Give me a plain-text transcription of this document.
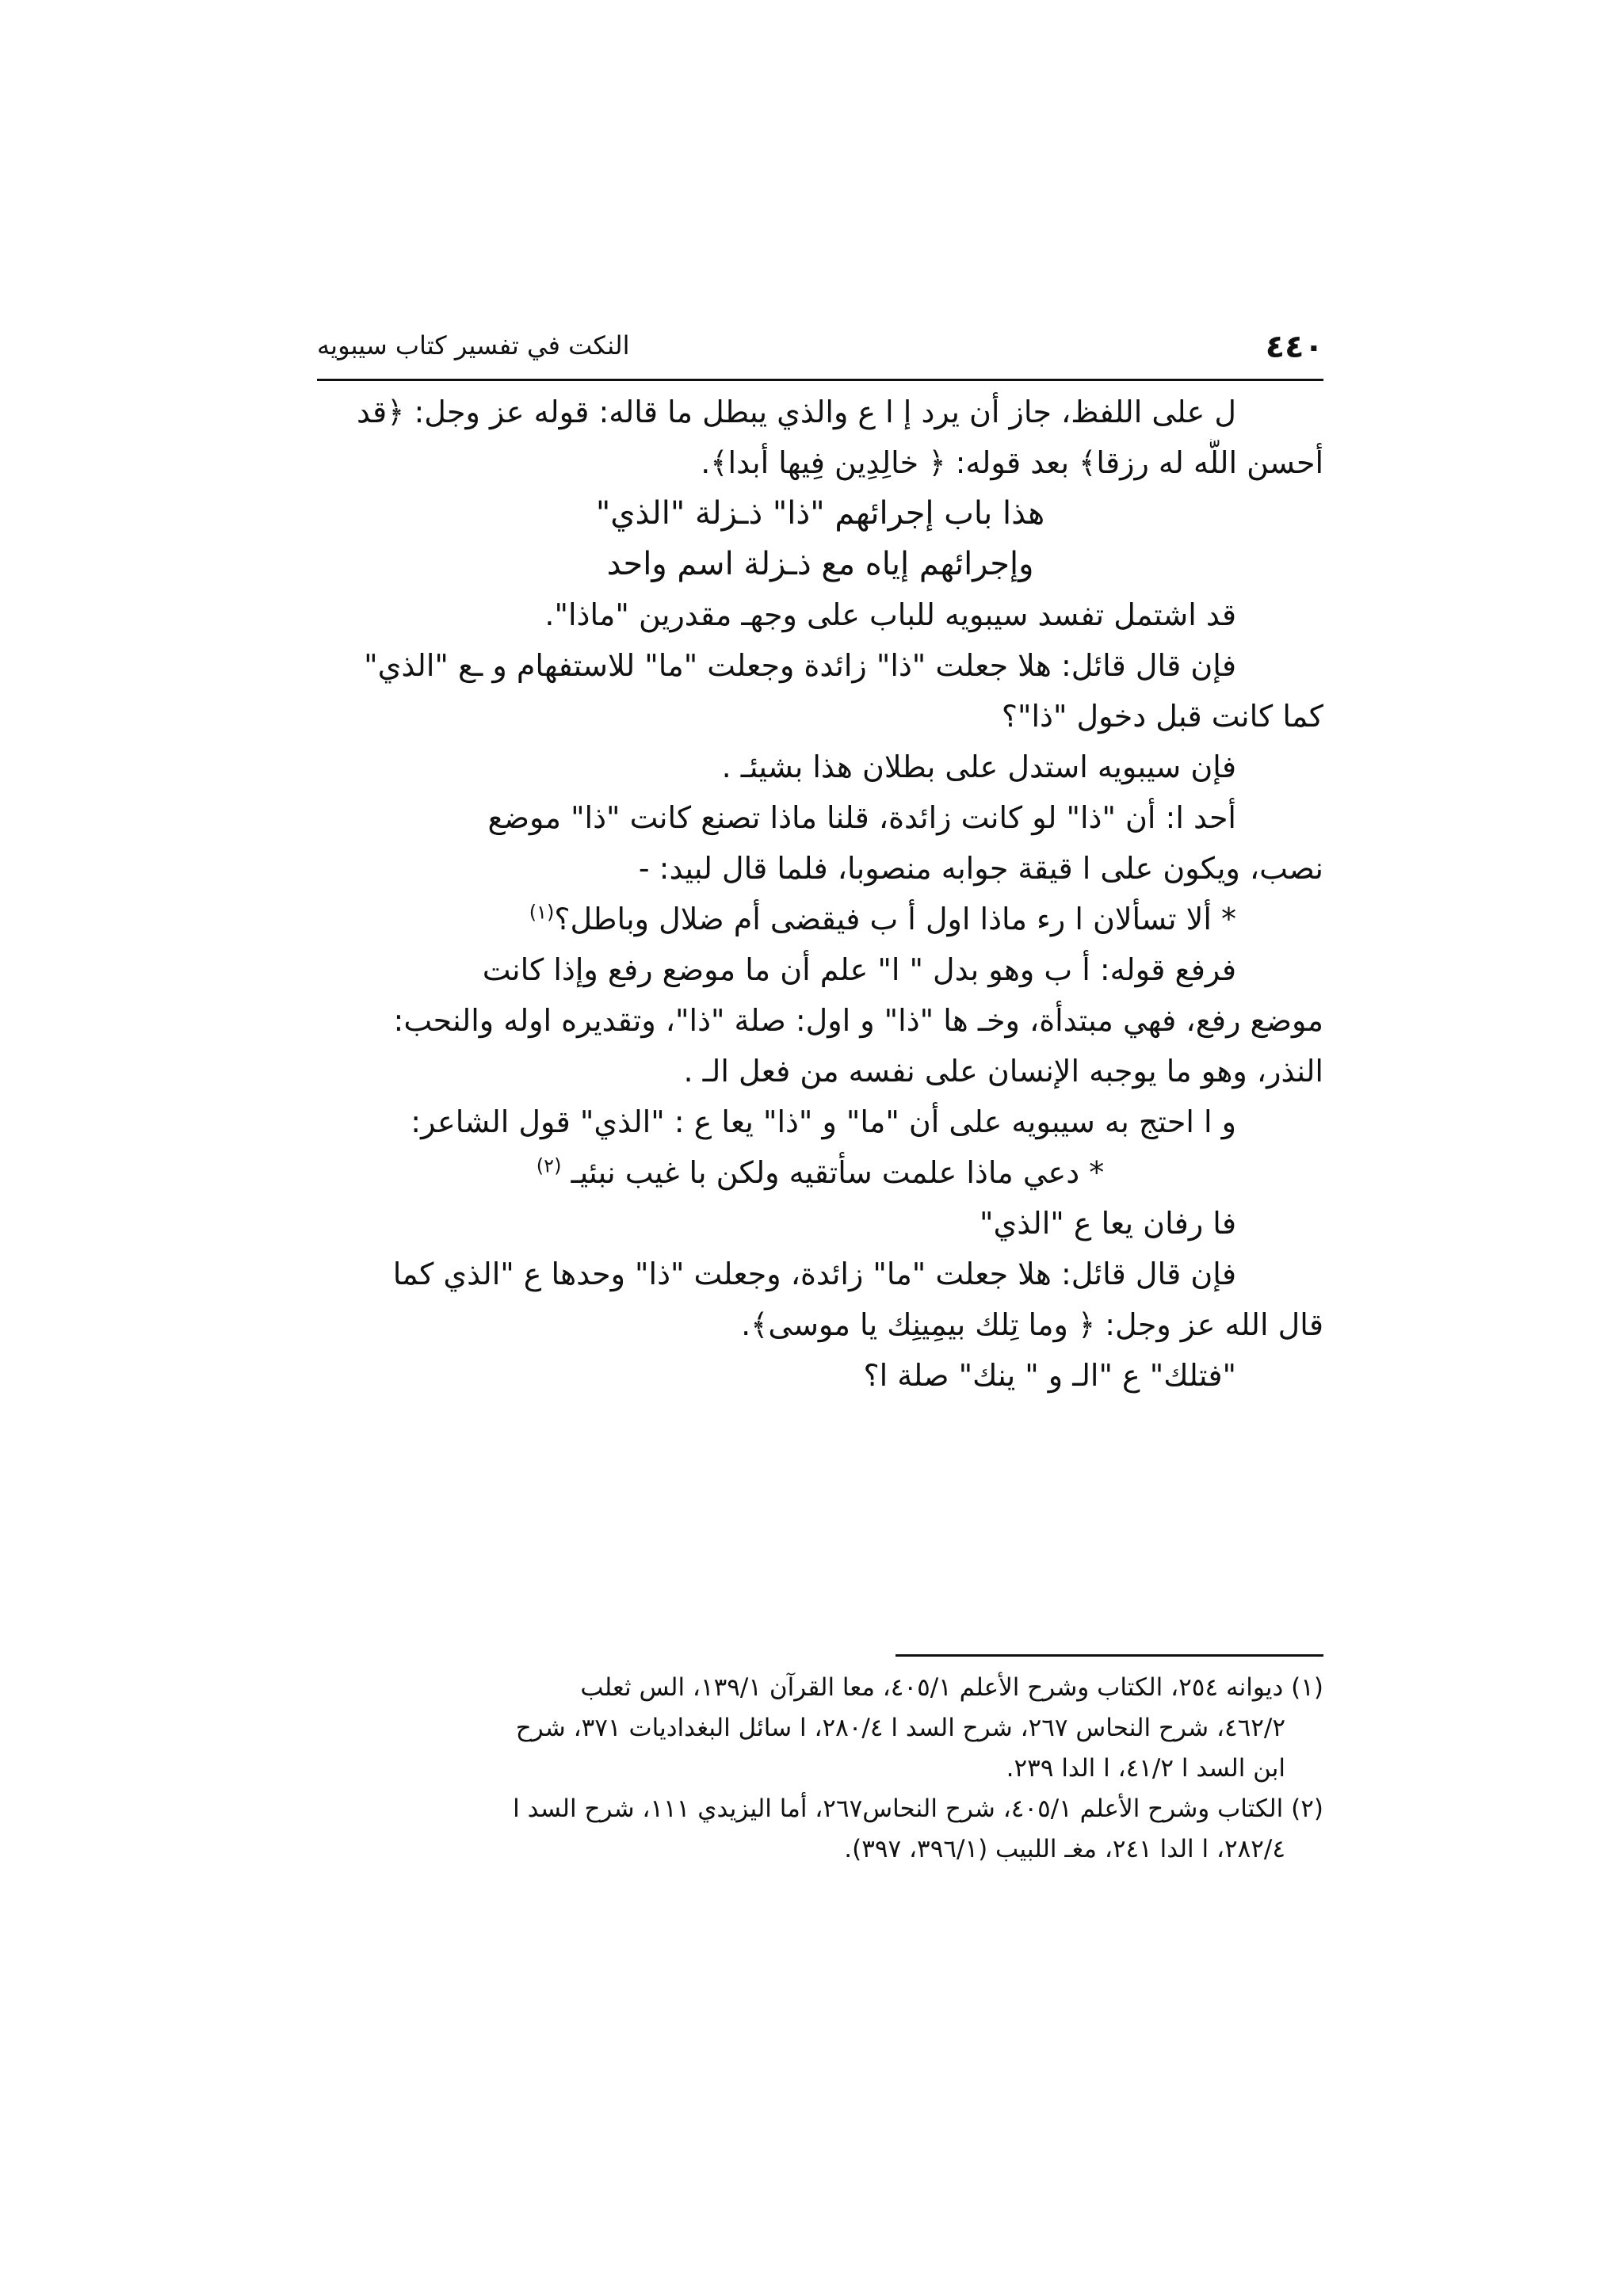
٤٤٠
النكت في تفسير كتاب سيبويه
ل على اللفظ، جاز أن يرد إ ا ع والذي يبطل ما قاله: قوله عز وجل: ﴿قد
أحسن اللَّه له رزقا﴾ بعد قوله: ﴿ خالِدِين فِيها أبدا﴾.
هذا باب إجرائهم "ذا" ذـزلة "الذي"
وإجرائهم إياه مع ذـزلة اسم واحد
قد اشتمل تفسد سيبويه للباب على وجهـ مقدرين "ماذا".
فإن قال قائل: هلا جعلت "ذا" زائدة وجعلت "ما" للاستفهام و ـع "الذي"
كما كانت قبل دخول "ذا"؟
فإن سيبويه استدل على بطلان هذا بشيئـ .
أحد ا: أن "ذا" لو كانت زائدة، قلنا ماذا تصنع كانت "ذا" موضع
نصب، ويكون على ا قيقة جوابه منصوبا، فلما قال لبيد: -
* ألا تسألان ا رء ماذا اول أ ب فيقضى أم ضلال وباطل؟$^{(١)}$
فرفع قوله: أ ب وهو بدل " ا" علم أن ما موضع رفع وإذا كانت
موضع رفع، فهي مبتدأة، وخـ ها "ذا" و اول: صلة "ذا"، وتقديره اوله والنحب:
النذر، وهو ما يوجبه الإنسان على نفسه من فعل الـ .
و ا احتج به سيبويه على أن "ما" و "ذا" يعا ع : "الذي" قول الشاعر:
* دعي ماذا علمت سأتقيه ولكن با غيب نبئيـ $^{(٢)}$
فا رفان يعا ع "الذي"
فإن قال قائل: هلا جعلت "ما" زائدة، وجعلت "ذا" وحدها ع "الذي كما
قال الله عز وجل: ﴿ وما تِلك بيمِينِك يا موسى﴾.
"فتلك" ع "الـ و " ينك" صلة ا؟
(١) ديوانه ٢٥٤، الكتاب وشرح الأعلم ٤٠٥/١، معا القرآن ١٣٩/١، الس ثعلب
٤٦٢/٢، شرح النحاس ٢٦٧، شرح السد ا ٢٨٠/٤، ا سائل البغداديات ٣٧١، شرح
ابن السد ا ٤١/٢، ا الدا ٢٣٩.
(٢) الكتاب وشرح الأعلم ٤٠٥/١، شرح النحاس٢٦٧، أما اليزيدي ١١١، شرح السد ا
٢٨٢/٤، ا الدا ٢٤١، مغـ اللبيب (٣٩٦/١، ٣٩٧).
